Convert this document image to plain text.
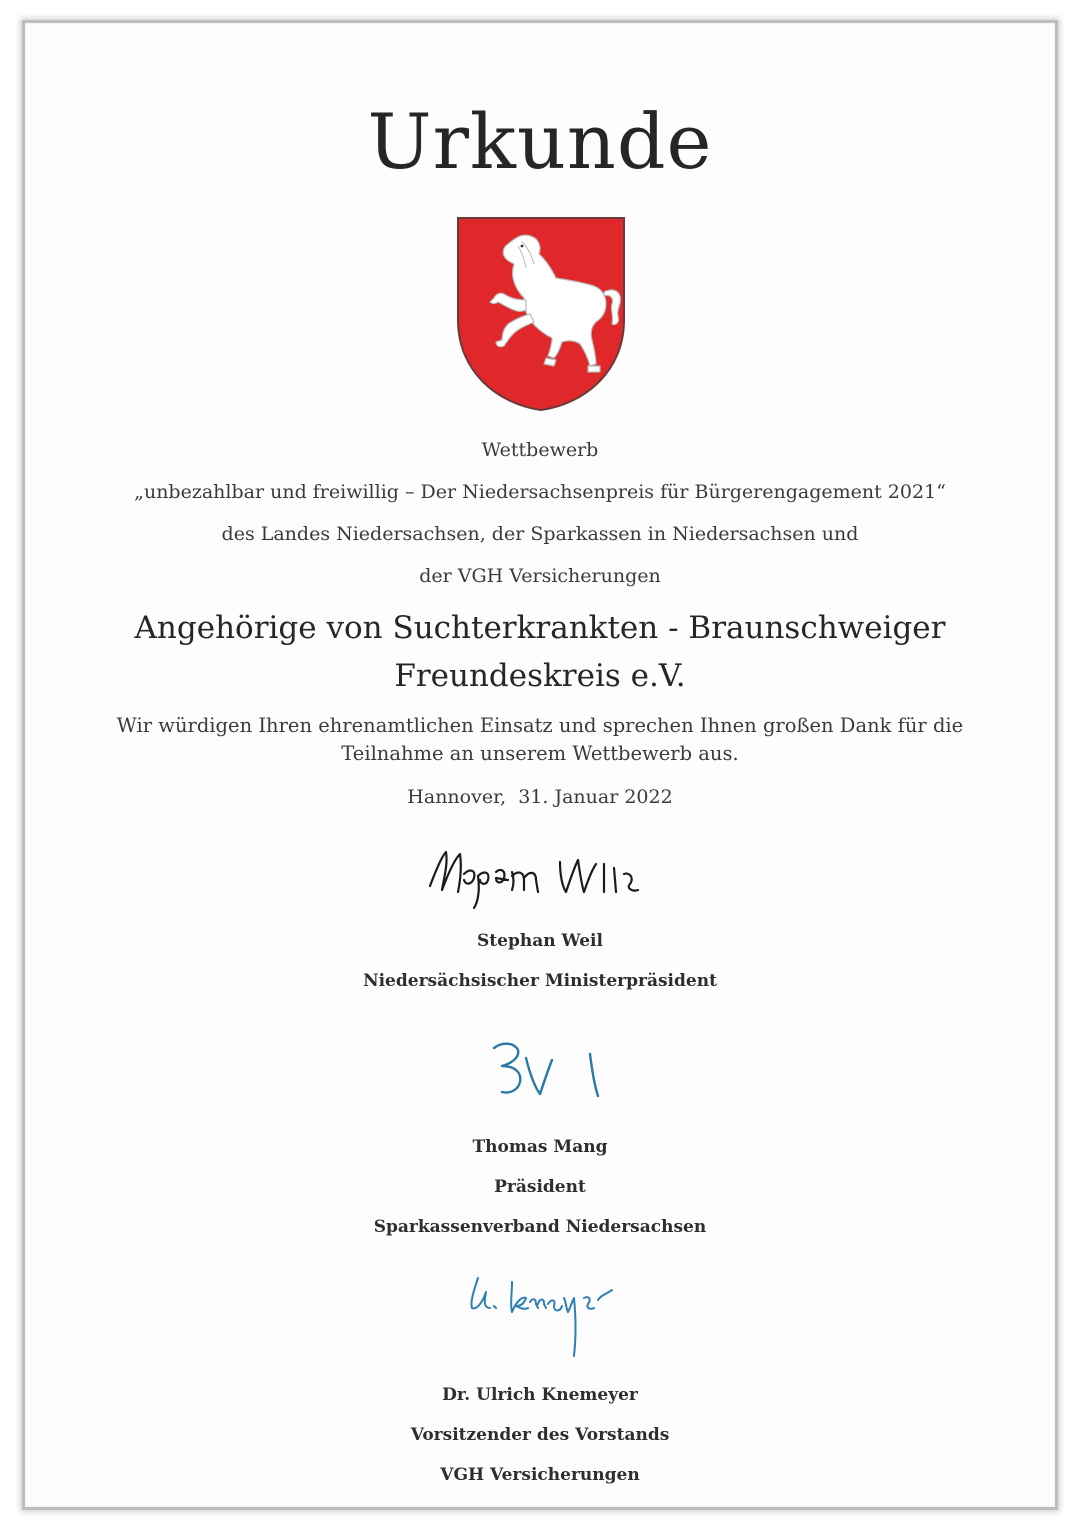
Urkunde
Wettbewerb
„unbezahlbar und freiwillig – Der Niedersachsenpreis für Bürgerengagement 2021“
des Landes Niedersachsen, der Sparkassen in Niedersachsen und
der VGH Versicherungen
Angehörige von Suchterkrankten - Braunschweiger
Freundeskreis e.V.
Wir würdigen Ihren ehrenamtlichen Einsatz und sprechen Ihnen großen Dank für die
Teilnahme an unserem Wettbewerb aus.
Hannover,  31. Januar 2022
Stephan Weil
Niedersächsischer Ministerpräsident
Thomas Mang
Präsident
Sparkassenverband Niedersachsen
Dr. Ulrich Knemeyer
Vorsitzender des Vorstands
VGH Versicherungen
